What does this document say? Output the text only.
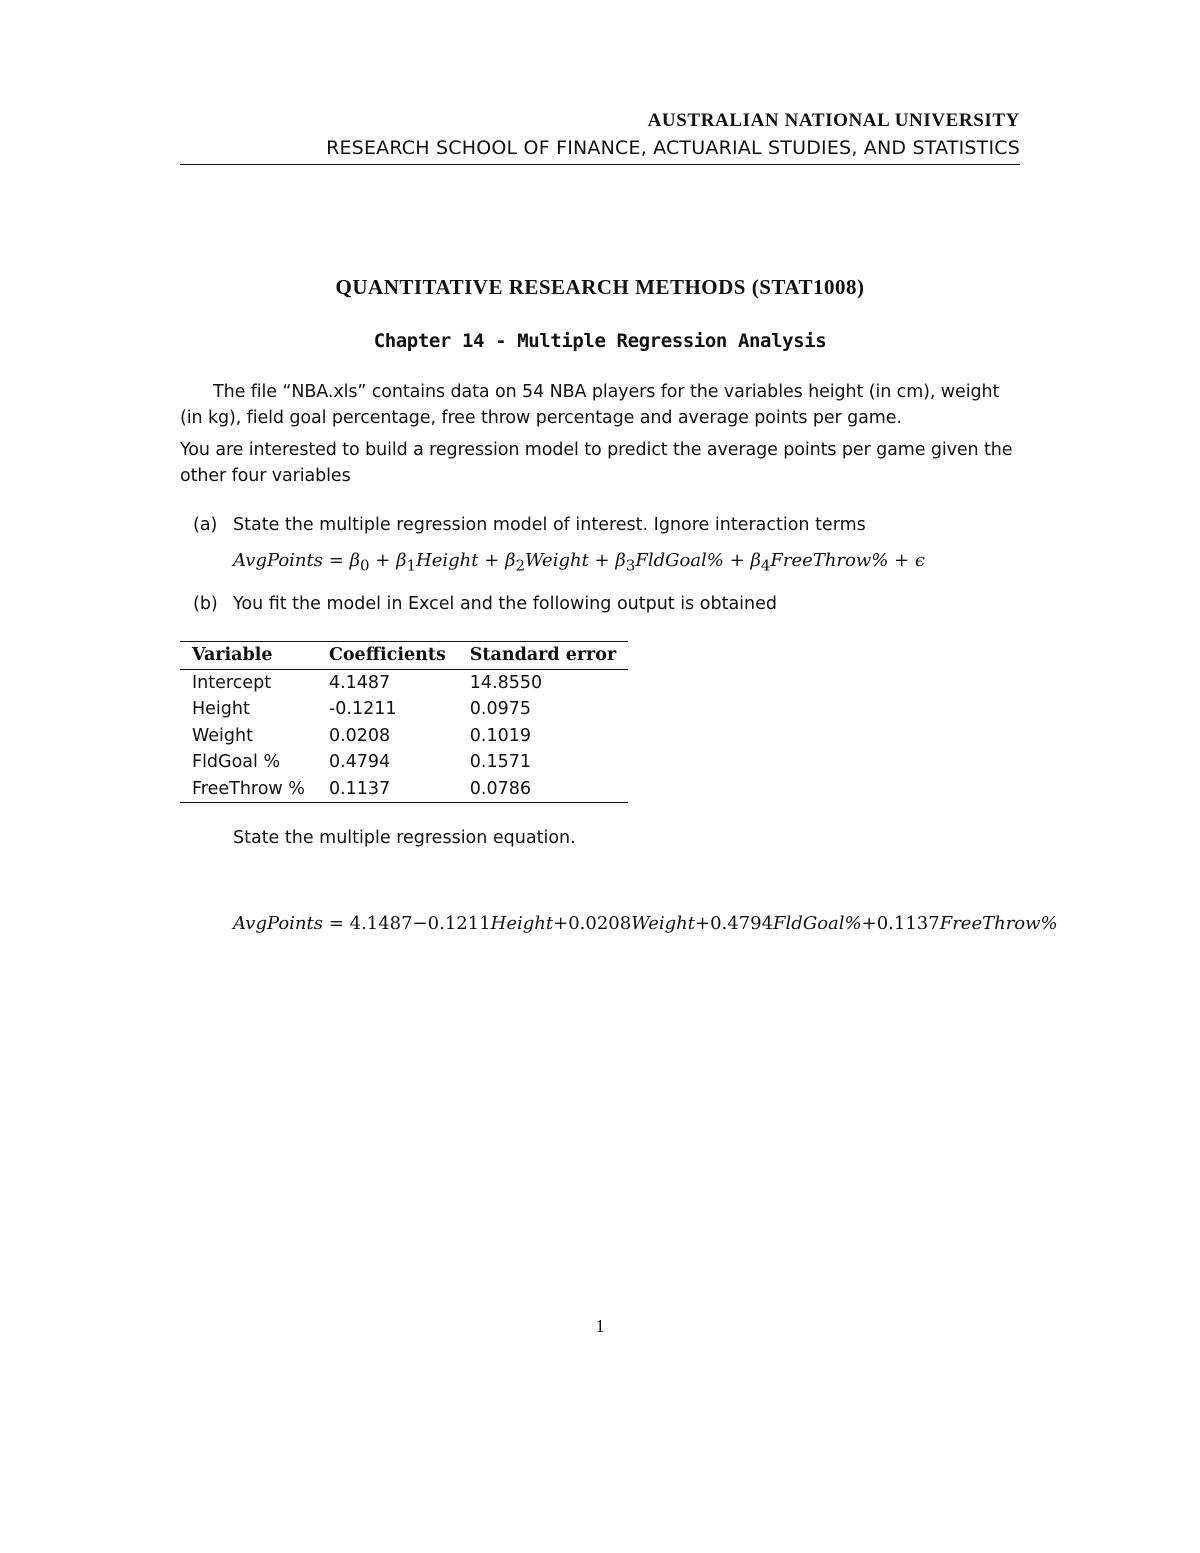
AUSTRALIAN NATIONAL UNIVERSITY
RESEARCH SCHOOL OF FINANCE, ACTUARIAL STUDIES, AND STATISTICS
QUANTITATIVE RESEARCH METHODS (STAT1008)
Chapter 14 - Multiple Regression Analysis
The file “NBA.xls” contains data on 54 NBA players for the variables height (in cm), weight (in kg), field goal percentage, free throw percentage and average points per game.
You are interested to build a regression model to predict the average points per game given the other four variables
(a) State the multiple regression model of interest. Ignore interaction terms
AvgPoints = $\beta_0$ + $\beta_1Height$ + $\beta_2Weight$ + $\beta_3FldGoal\%$ + $\beta_4FreeThrow\% + \epsilon$
(b) You fit the model in Excel and the following output is obtained
Variable	Coefficients	Standard error
Intercept	4.1487	14.8550
Height	-0.1211	0.0975
Weight	0.0208	0.1019
FldGoal %	0.4794	0.1571
FreeThrow %	0.1137	0.0786
State the multiple regression equation.
AvgPoints = 4.1487−0.1211Height+0.0208Weight+0.4794FldGoal%+0.1137FreeThrow%
1
